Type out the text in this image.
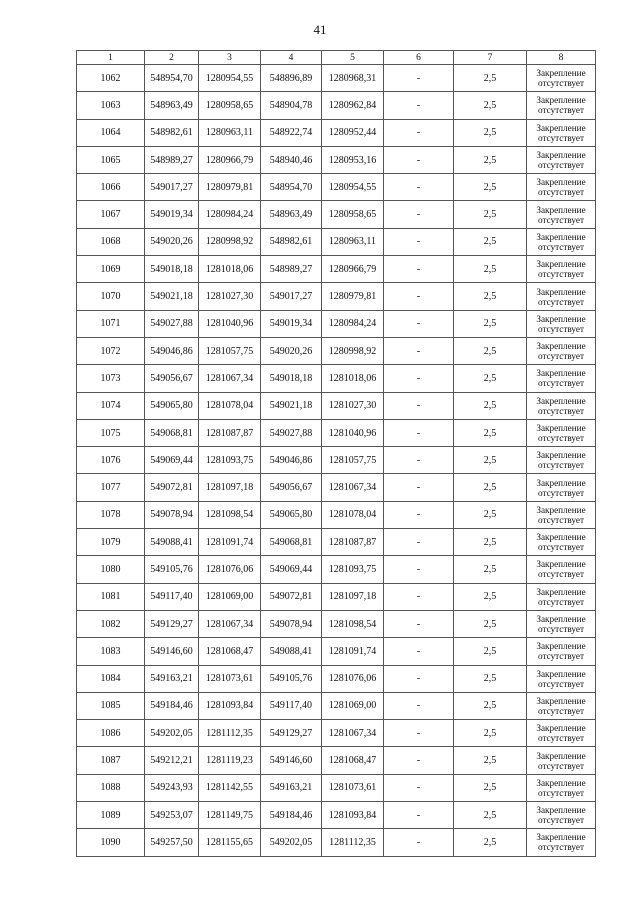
41
1	2	3	4	5	6	7	8
1062	548954,70	1280954,55	548896,89	1280968,31	-	2,5	Закрепление отсутствует
1063	548963,49	1280958,65	548904,78	1280962,84	-	2,5	Закрепление отсутствует
1064	548982,61	1280963,11	548922,74	1280952,44	-	2,5	Закрепление отсутствует
1065	548989,27	1280966,79	548940,46	1280953,16	-	2,5	Закрепление отсутствует
1066	549017,27	1280979,81	548954,70	1280954,55	-	2,5	Закрепление отсутствует
1067	549019,34	1280984,24	548963,49	1280958,65	-	2,5	Закрепление отсутствует
1068	549020,26	1280998,92	548982,61	1280963,11	-	2,5	Закрепление отсутствует
1069	549018,18	1281018,06	548989,27	1280966,79	-	2,5	Закрепление отсутствует
1070	549021,18	1281027,30	549017,27	1280979,81	-	2,5	Закрепление отсутствует
1071	549027,88	1281040,96	549019,34	1280984,24	-	2,5	Закрепление отсутствует
1072	549046,86	1281057,75	549020,26	1280998,92	-	2,5	Закрепление отсутствует
1073	549056,67	1281067,34	549018,18	1281018,06	-	2,5	Закрепление отсутствует
1074	549065,80	1281078,04	549021,18	1281027,30	-	2,5	Закрепление отсутствует
1075	549068,81	1281087,87	549027,88	1281040,96	-	2,5	Закрепление отсутствует
1076	549069,44	1281093,75	549046,86	1281057,75	-	2,5	Закрепление отсутствует
1077	549072,81	1281097,18	549056,67	1281067,34	-	2,5	Закрепление отсутствует
1078	549078,94	1281098,54	549065,80	1281078,04	-	2,5	Закрепление отсутствует
1079	549088,41	1281091,74	549068,81	1281087,87	-	2,5	Закрепление отсутствует
1080	549105,76	1281076,06	549069,44	1281093,75	-	2,5	Закрепление отсутствует
1081	549117,40	1281069,00	549072,81	1281097,18	-	2,5	Закрепление отсутствует
1082	549129,27	1281067,34	549078,94	1281098,54	-	2,5	Закрепление отсутствует
1083	549146,60	1281068,47	549088,41	1281091,74	-	2,5	Закрепление отсутствует
1084	549163,21	1281073,61	549105,76	1281076,06	-	2,5	Закрепление отсутствует
1085	549184,46	1281093,84	549117,40	1281069,00	-	2,5	Закрепление отсутствует
1086	549202,05	1281112,35	549129,27	1281067,34	-	2,5	Закрепление отсутствует
1087	549212,21	1281119,23	549146,60	1281068,47	-	2,5	Закрепление отсутствует
1088	549243,93	1281142,55	549163,21	1281073,61	-	2,5	Закрепление отсутствует
1089	549253,07	1281149,75	549184,46	1281093,84	-	2,5	Закрепление отсутствует
1090	549257,50	1281155,65	549202,05	1281112,35	-	2,5	Закрепление отсутствует
